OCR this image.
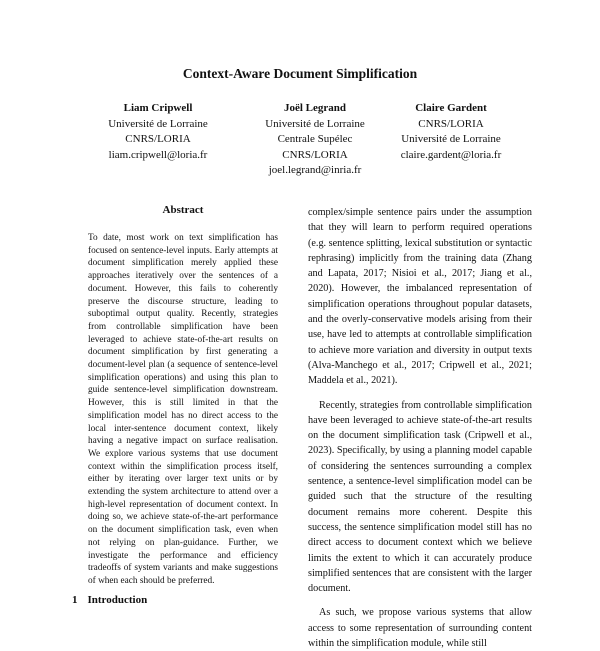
Context-Aware Document Simplification
Liam Cripwell
Université de Lorraine
CNRS/LORIA
liam.cripwell@loria.fr
Joël Legrand
Université de Lorraine
Centrale Supélec
CNRS/LORIA
joel.legrand@inria.fr
Claire Gardent
CNRS/LORIA
Université de Lorraine
claire.gardent@loria.fr
Abstract

To date, most work on text simplification has focused on sentence-level inputs. Early attempts at document simplification merely applied these approaches iteratively over the sentences of a document. However, this fails to coherently preserve the discourse structure, leading to suboptimal output quality. Recently, strategies from controllable simplification have been leveraged to achieve state-of-the-art results on document simplification by first generating a document-level plan (a sequence of sentence-level simplification operations) and using this plan to guide sentence-level simplification downstream. However, this is still limited in that the simplification model has no direct access to the local inter-sentence document context, likely having a negative impact on surface realisation. We explore various systems that use document context within the simplification process itself, either by iterating over larger text units or by extending the system architecture to attend over a high-level representation of document context. In doing so, we achieve state-of-the-art performance on the document simplification task, even when not relying on plan-guidance. Further, we investigate the performance and efficiency tradeoffs of system variants and make suggestions of when each should be preferred.

complex/simple sentence pairs under the assumption that they will learn to perform required operations (e.g. sentence splitting, lexical substitution or syntactic rephrasing) implicitly from the training data (Zhang and Lapata, 2017; Nisioi et al., 2017; Jiang et al., 2020). However, the imbalanced representation of simplification operations throughout popular datasets, and the overly-conservative models arising from their use, have led to attempts at controllable simplification to achieve more variation and diversity in output texts (Alva-Manchego et al., 2017; Cripwell et al., 2021; Maddela et al., 2021).

Recently, strategies from controllable simplification have been leveraged to achieve state-of-the-art results on the document simplification task (Cripwell et al., 2023). Specifically, by using a planning model capable of considering the sentences surrounding a complex sentence, a sentence-level simplification model can be guided such that the structure of the resulting document remains more coherent. Despite this success, the sentence simplification model still has no direct access to document context which we believe limits the extent to which it can accurately produce simplified sentences that are consistent with the larger document.

As such, we propose various systems that allow access to some representation of surrounding content within the simplification module, while still

1 Introduction
